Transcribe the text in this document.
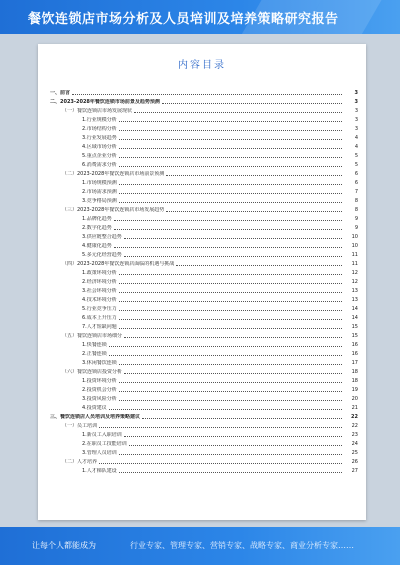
餐饮连锁店市场分析及人员培训及培养策略研究报告
内容目录
一、前言	3
二、2023-2028年餐饮连锁市场前景及趋势预测	3
（一）餐饮连锁店市场发展现状	3
1.行业规模分析	3
2.市场结构分析	3
3.行业发展趋势	4
4.区域市场分析	4
5.重点企业分析	5
6.消费需求分析	5
（二）2023-2028年餐饮连锁店市场前景预测	6
1.市场规模预测	6
2.市场需求预测	7
3.竞争格局预测	8
（三）2023-2028年餐饮连锁店市场发展趋势	8
1.品牌化趋势	9
2.数字化趋势	9
3.供应链整合趋势	10
4.健康化趋势	10
5.多元化经营趋势	11
（四）2023-2028年餐饮连锁店面临的机遇与挑战	11
1.政策环境分析	12
2.经济环境分析	12
3.社会环境分析	13
4.技术环境分析	13
5.行业竞争压力	14
6.成本上升压力	14
7.人才短缺问题	15
（五）餐饮连锁店市场细分	15
1.快餐连锁	16
2.正餐连锁	16
3.休闲餐饮连锁	17
（六）餐饮连锁店投资分析	18
1.投资环境分析	18
2.投资机会分析	19
3.投资风险分析	20
4.投资建议	21
三、餐饮连锁店人员培训及培养策略建议	22
（一）员工培训	22
1.新员工入职培训	23
2.在职员工技能培训	24
3.管理人员培训	25
（二）人才培养	26
1.人才梯队建设	27
让每个人都能成为	行业专家、管理专家、营销专家、战略专家、商业分析专家……
